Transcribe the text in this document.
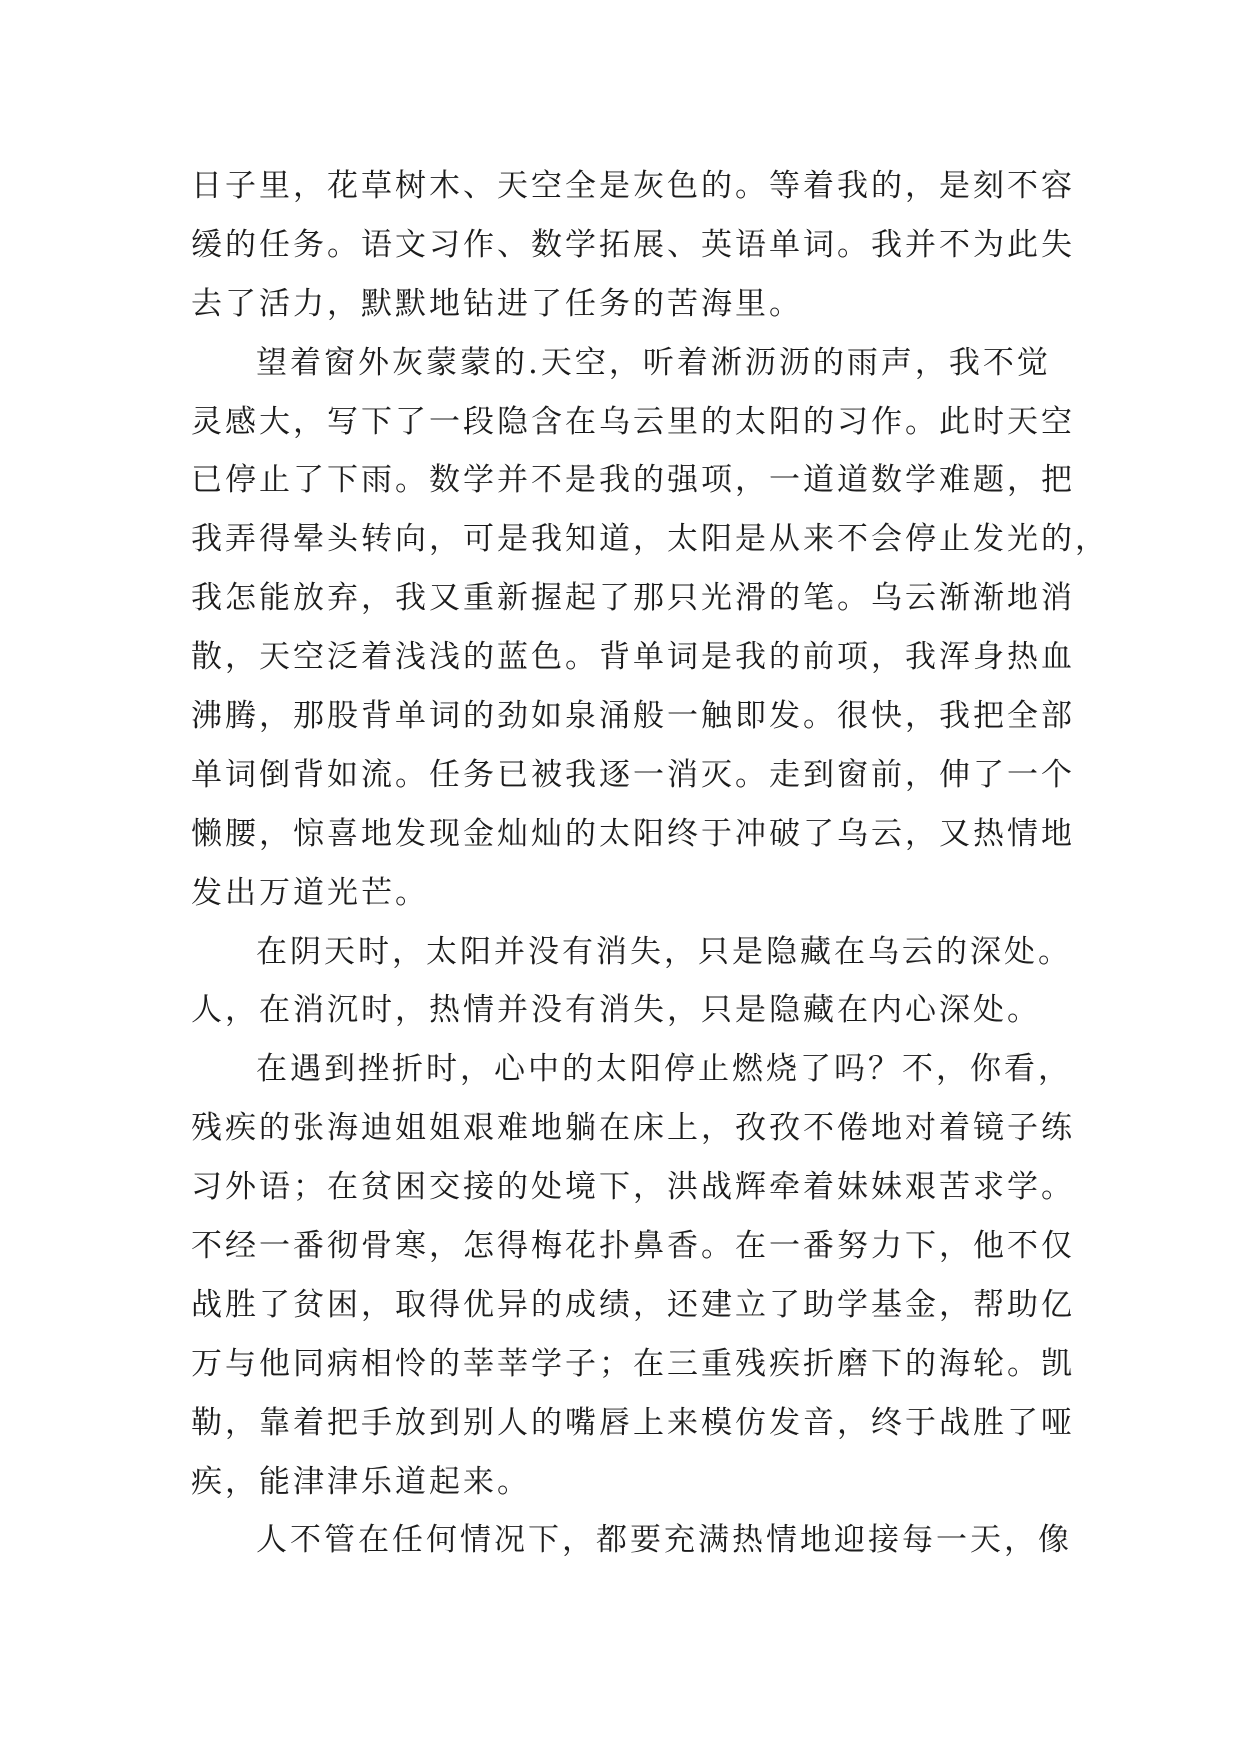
日子里，花草树木、天空全是灰色的。等着我的，是刻不容
缓的任务。语文习作、数学拓展、英语单词。我并不为此失
去了活力，默默地钻进了任务的苦海里。
望着窗外灰蒙蒙的.天空，听着淅沥沥的雨声，我不觉
灵感大，写下了一段隐含在乌云里的太阳的习作。此时天空
已停止了下雨。数学并不是我的强项，一道道数学难题，把
我弄得晕头转向，可是我知道，太阳是从来不会停止发光的，
我怎能放弃，我又重新握起了那只光滑的笔。乌云渐渐地消
散，天空泛着浅浅的蓝色。背单词是我的前项，我浑身热血
沸腾，那股背单词的劲如泉涌般一触即发。很快，我把全部
单词倒背如流。任务已被我逐一消灭。走到窗前，伸了一个
懒腰，惊喜地发现金灿灿的太阳终于冲破了乌云，又热情地
发出万道光芒。
在阴天时，太阳并没有消失，只是隐藏在乌云的深处。
人，在消沉时，热情并没有消失，只是隐藏在内心深处。
在遇到挫折时，心中的太阳停止燃烧了吗？不，你看，
残疾的张海迪姐姐艰难地躺在床上，孜孜不倦地对着镜子练
习外语；在贫困交接的处境下，洪战辉牵着妹妹艰苦求学。
不经一番彻骨寒，怎得梅花扑鼻香。在一番努力下，他不仅
战胜了贫困，取得优异的成绩，还建立了助学基金，帮助亿
万与他同病相怜的莘莘学子；在三重残疾折磨下的海轮。凯
勒，靠着把手放到别人的嘴唇上来模仿发音，终于战胜了哑
疾，能津津乐道起来。
人不管在任何情况下，都要充满热情地迎接每一天，像
